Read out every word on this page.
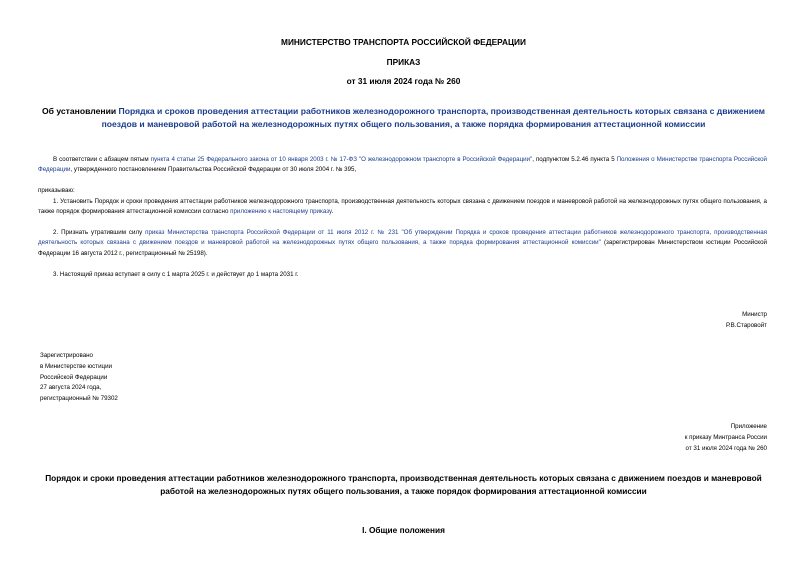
МИНИСТЕРСТВО ТРАНСПОРТА РОССИЙСКОЙ ФЕДЕРАЦИИ
ПРИКАЗ
от 31 июля 2024 года № 260
Об установлении Порядка и сроков проведения аттестации работников железнодорожного транспорта, производственная деятельность которых связана с движением поездов и маневровой работой на железнодорожных путях общего пользования, а также порядка формирования аттестационной комиссии
В соответствии с абзацем пятым пункта 4 статьи 25 Федерального закона от 10 января 2003 г. № 17-ФЗ "О железнодорожном транспорте в Российской Федерации", подпунктом 5.2.46 пункта 5 Положения о Министерстве транспорта Российской Федерации, утвержденного постановлением Правительства Российской Федерации от 30 июля 2004 г. № 395,
приказываю:
1. Установить Порядок и сроки проведения аттестации работников железнодорожного транспорта, производственная деятельность которых связана с движением поездов и маневровой работой на железнодорожных путях общего пользования, а также порядок формирования аттестационной комиссии согласно приложению к настоящему приказу.
2. Признать утратившим силу приказ Министерства транспорта Российской Федерации от 11 июля 2012 г. № 231 "Об утверждении Порядка и сроков проведения аттестации работников железнодорожного транспорта, производственная деятельность которых связана с движением поездов и маневровой работой на железнодорожных путях общего пользования, а также порядка формирования аттестационной комиссии" (зарегистрирован Министерством юстиции Российской Федерации 16 августа 2012 г., регистрационный № 25198).
3. Настоящий приказ вступает в силу с 1 марта 2025 г. и действует до 1 марта 2031 г.
Министр
Р.В.Старовойт
Зарегистрировано
в Министерстве юстиции
Российской Федерации
27 августа 2024 года,
регистрационный № 79302
Приложение
к приказу Минтранса России
от 31 июля 2024 года № 260
Порядок и сроки проведения аттестации работников железнодорожного транспорта, производственная деятельность которых связана с движением поездов и маневровой работой на железнодорожных путях общего пользования, а также порядок формирования аттестационной комиссии
I. Общие положения
